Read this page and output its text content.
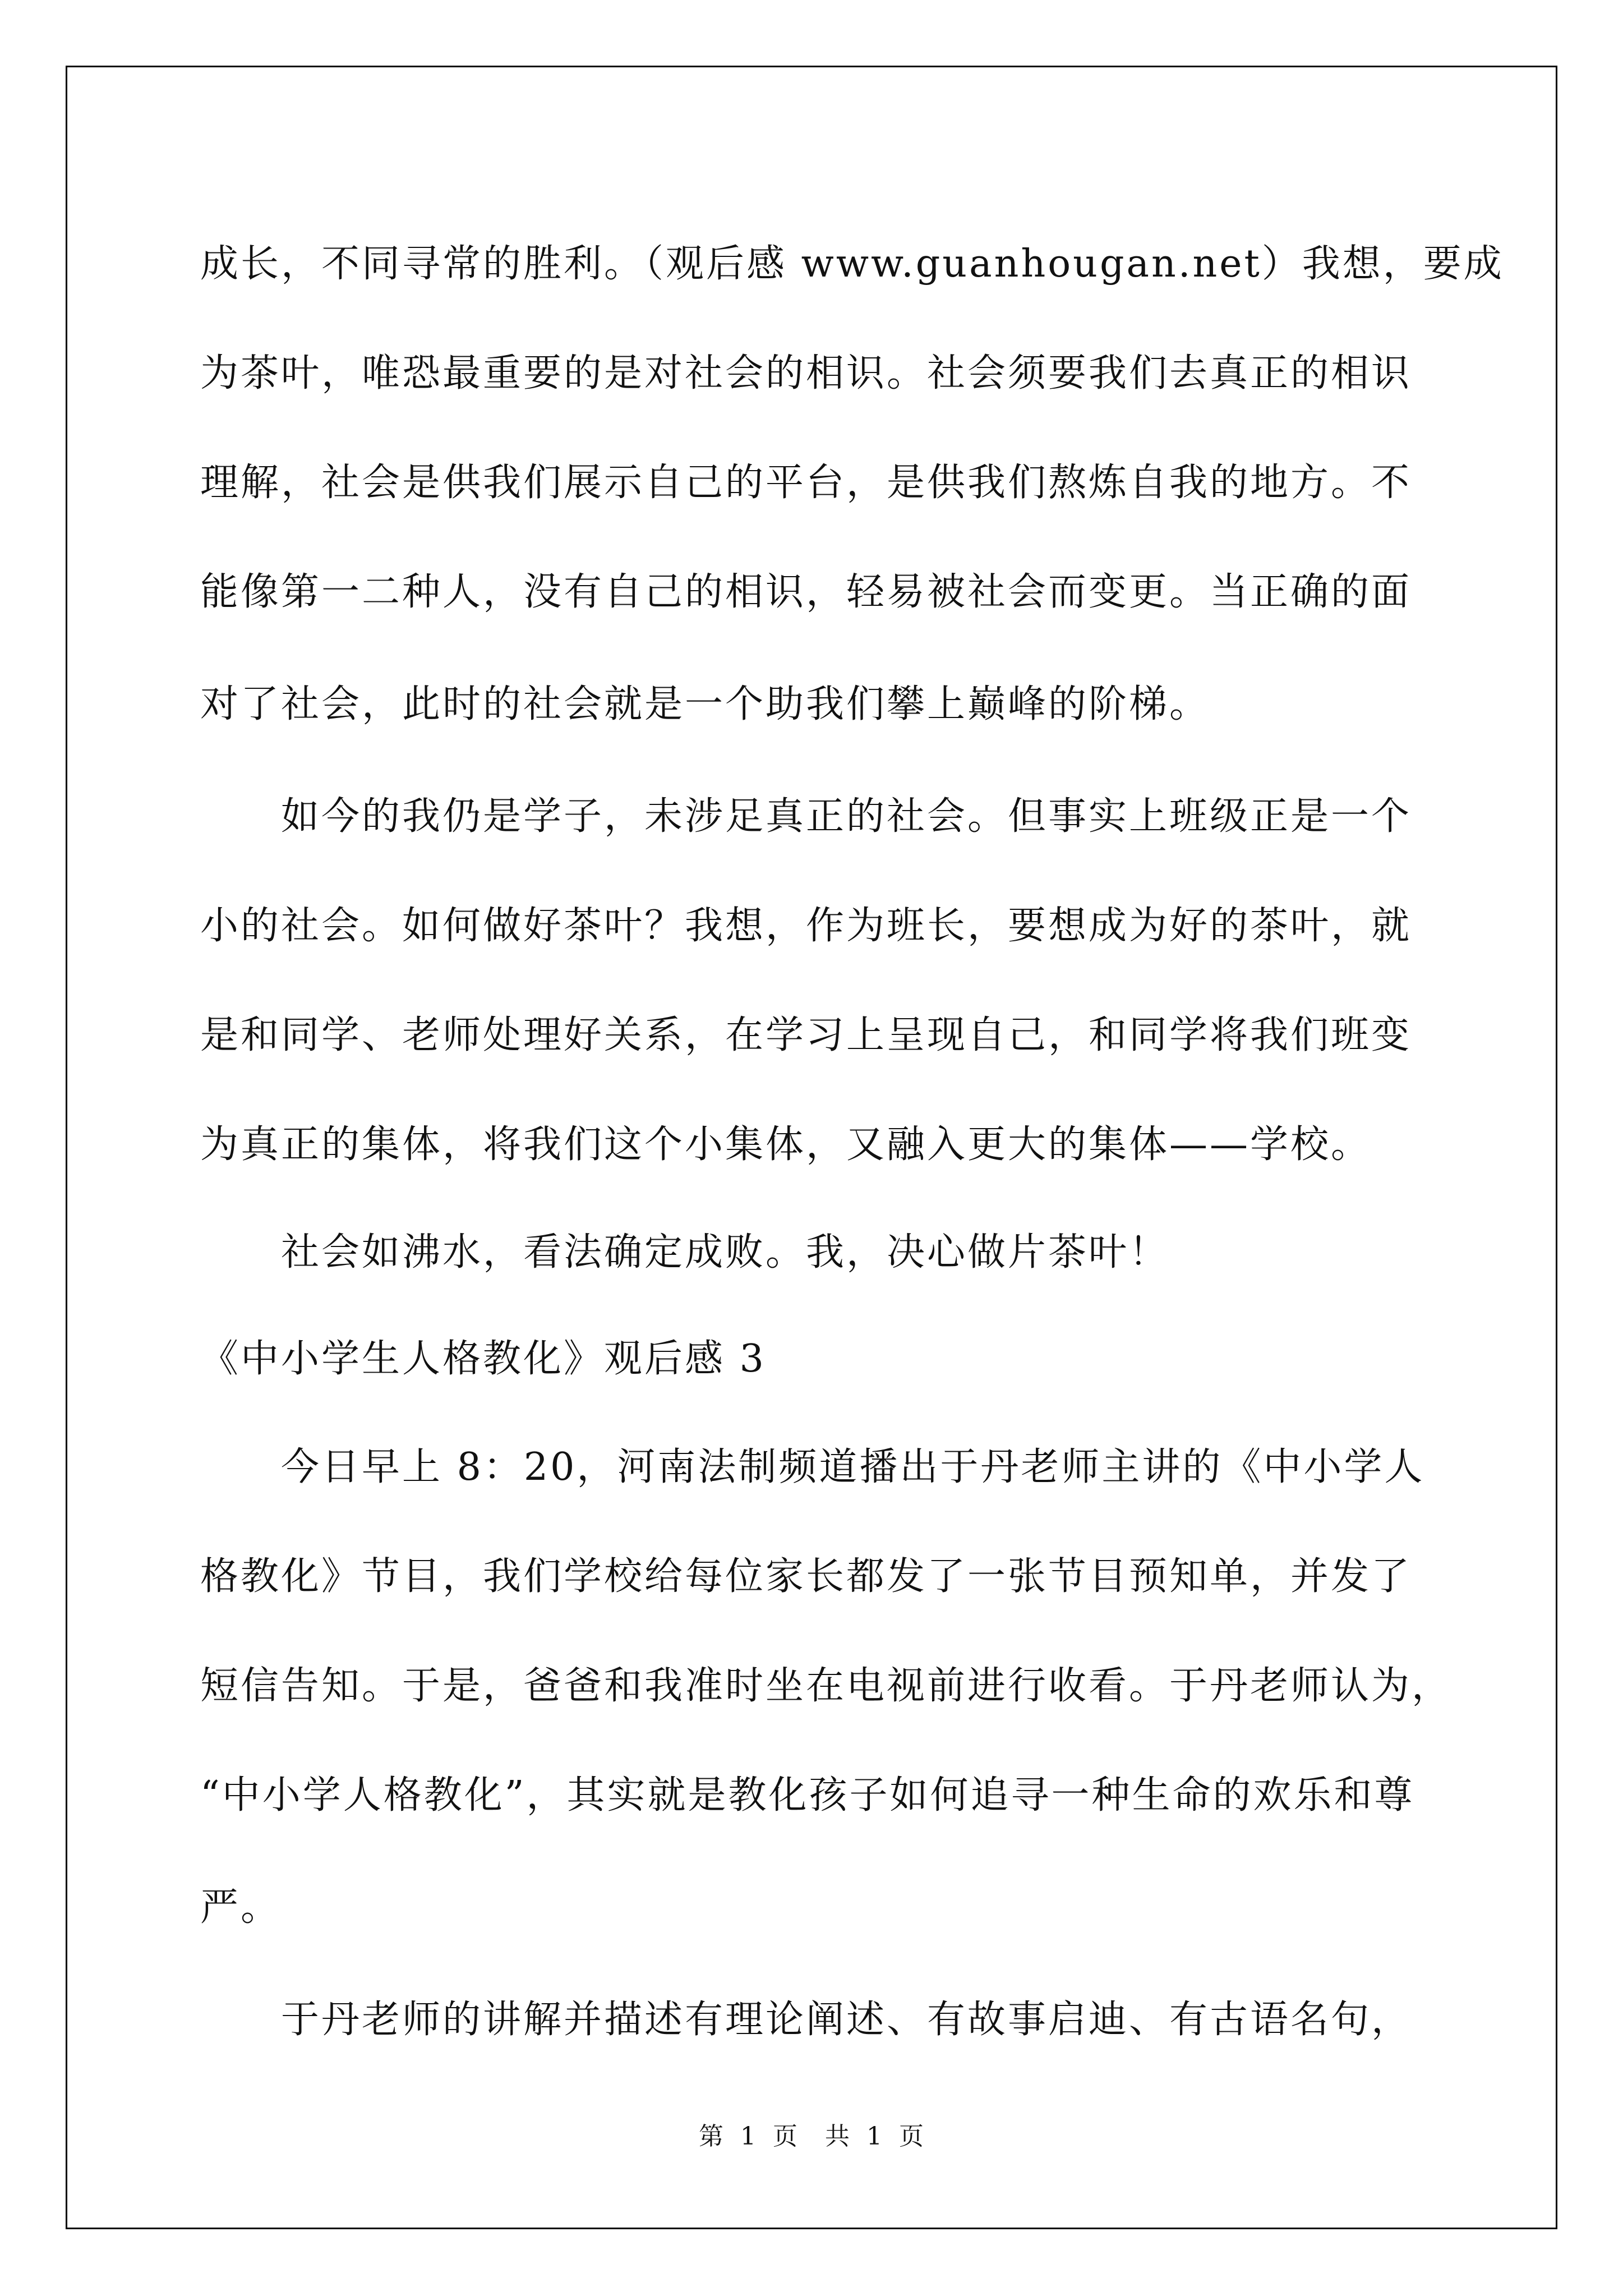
成长，不同寻常的胜利。（观后感 www.guanhougan.net）我想，要成
为茶叶，唯恐最重要的是对社会的相识。社会须要我们去真正的相识
理解，社会是供我们展示自己的平台，是供我们熬炼自我的地方。不
能像第一二种人，没有自己的相识，轻易被社会而变更。当正确的面
对了社会，此时的社会就是一个助我们攀上巅峰的阶梯。
如今的我仍是学子，未涉足真正的社会。但事实上班级正是一个
小的社会。如何做好茶叶？我想，作为班长，要想成为好的茶叶，就
是和同学、老师处理好关系，在学习上呈现自己，和同学将我们班变
为真正的集体，将我们这个小集体，又融入更大的集体——学校。
社会如沸水，看法确定成败。我，决心做片茶叶！
《中小学生人格教化》观后感 3
今日早上 8：20，河南法制频道播出于丹老师主讲的《中小学人
格教化》节目，我们学校给每位家长都发了一张节目预知单，并发了
短信告知。于是，爸爸和我准时坐在电视前进行收看。于丹老师认为，
“中小学人格教化”，其实就是教化孩子如何追寻一种生命的欢乐和尊
严。
于丹老师的讲解并描述有理论阐述、有故事启迪、有古语名句，
第 1 页 共 1 页
